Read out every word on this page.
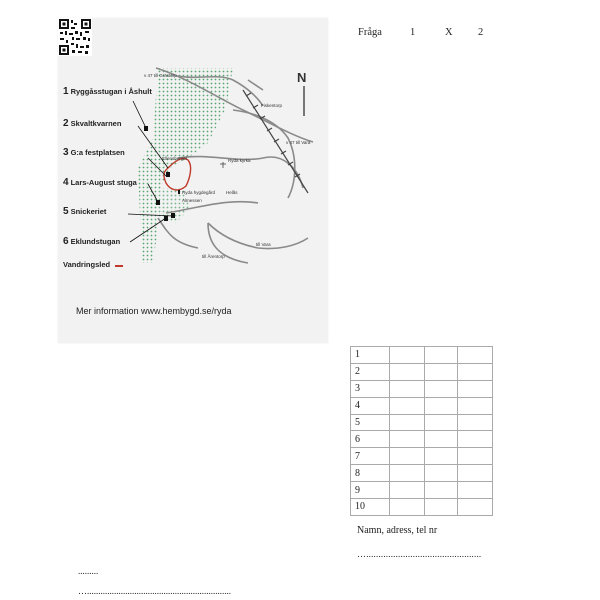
Fråga	1	X 2
N
v 47 till Grästorp
Fiskentorp
v 47 till Vara
Ryda kyrka
Ellensberget
Ryda hygdegård
Almessen
Helås
till Vara
till Årentorp
1 Ryggåsstugan i Åshult
2 Skvaltkvarnen
3 G:a festplatsen
4 Lars-August stuga
5 Snickeriet
6 Eklundstugan
Vandringsled
Mer information www.hembygd.se/ryda
1			
2			
3			
4			
5			
6			
7			
8			
9			
10			
Namn, adress, tel nr
…...............................................
.........
…................................................................
